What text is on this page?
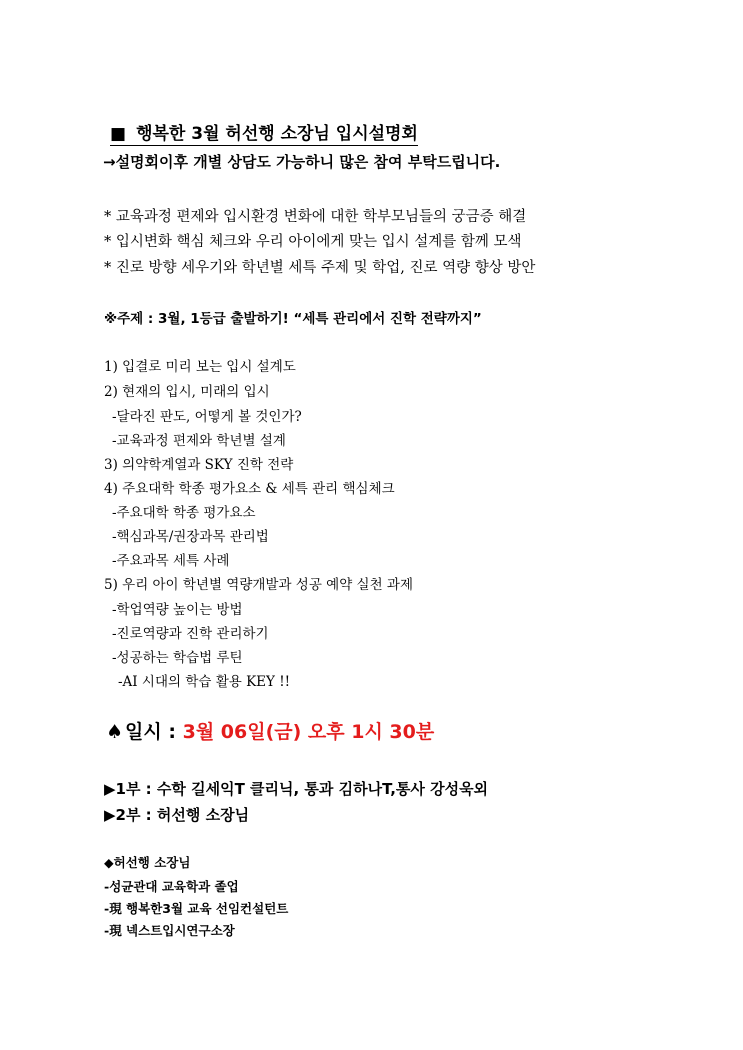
■ 행복한 3월 허선행 소장님 입시설명회
→설명회이후 개별 상담도 가능하니 많은 참여 부탁드립니다.
* 교육과정 편제와 입시환경 변화에 대한 학부모님들의 궁금증 해결
* 입시변화 핵심 체크와 우리 아이에게 맞는 입시 설계를 함께 모색
* 진로 방향 세우기와 학년별 세특 주제 및 학업, 진로 역량 향상 방안
※주제 : 3월, 1등급 출발하기! “세특 관리에서 진학 전략까지”
1) 입결로 미리 보는 입시 설계도
2) 현재의 입시, 미래의 입시
-달라진 판도, 어떻게 볼 것인가?
-교육과정 편제와 학년별 설계
3) 의약학계열과 SKY 진학 전략
4) 주요대학 학종 평가요소 & 세특 관리 핵심체크
-주요대학 학종 평가요소
-핵심과목/권장과목 관리법
-주요과목 세특 사례
5) 우리 아이 학년별 역량개발과 성공 예약 실천 과제
-학업역량 높이는 방법
-진로역량과 진학 관리하기
-성공하는 학습법 루틴
-AI 시대의 학습 활용 KEY !!
♠ 일시 : 3월 06일(금) 오후 1시 30분
▶1부 : 수학 길세익T 클리닉, 통과 김하나T,통사 강성욱외
▶2부 : 허선행 소장님
◆허선행 소장님
-성균관대 교육학과 졸업
-現 행복한3월 교육 선임컨설턴트
-現 넥스트입시연구소장
